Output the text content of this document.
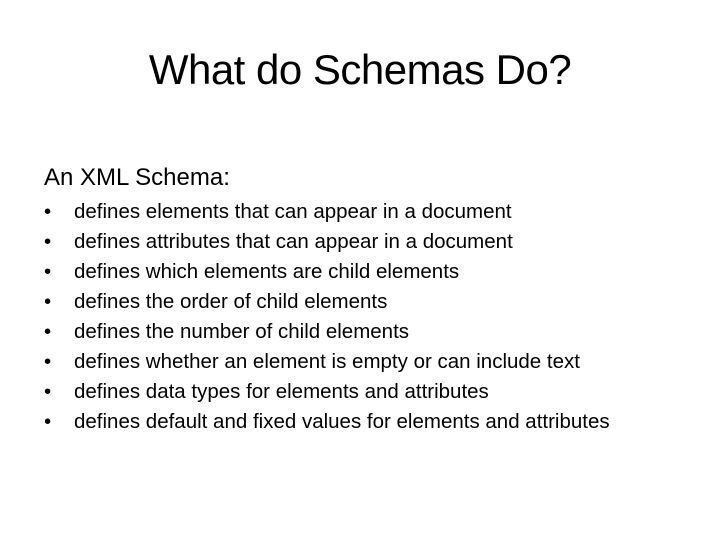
What do Schemas Do?
An XML Schema:
•	defines elements that can appear in a document
•	defines attributes that can appear in a document
•	defines which elements are child elements
•	defines the order of child elements
•	defines the number of child elements
•	defines whether an element is empty or can include text
•	defines data types for elements and attributes
•	defines default and fixed values for elements and attributes
